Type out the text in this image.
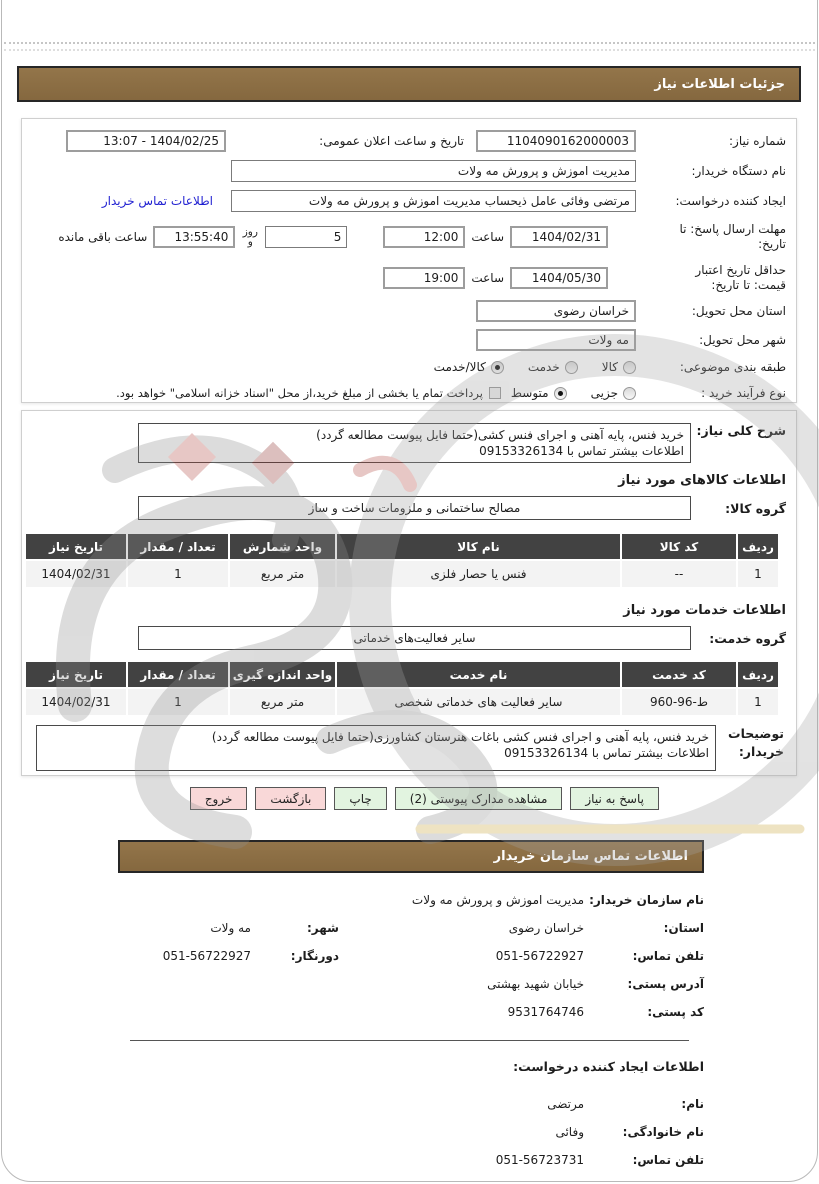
جزئیات اطلاعات نیاز
شماره نیاز:
1104090162000003
تاریخ و ساعت اعلان عمومی:
13:07 - 1404/02/25
نام دستگاه خریدار:
مدیریت اموزش و پرورش مه ولات
ایجاد کننده درخواست:
مرتضی وفائی عامل ذیحساب مدیریت اموزش و پرورش مه ولات
اطلاعات تماس خریدار
مهلت ارسال پاسخ: تا تاریخ:
1404/02/31
ساعت
12:00
5
روز و
13:55:40
ساعت باقی مانده
حداقل تاریخ اعتبار قیمت: تا تاریخ:
1404/05/30
ساعت
19:00
استان محل تحویل:
خراسان رضوی
شهر محل تحویل:
مه ولات
طبقه بندی موضوعی:
کالا
خدمت
کالا/خدمت
نوع فرآیند خرید :
جزیی
متوسط
پرداخت تمام یا بخشی از مبلغ خرید،از محل "اسناد خزانه اسلامی" خواهد بود.
شرح کلی نیاز:
خرید فنس، پایه آهنی و اجرای فنس کشی(حتما فایل پیوست مطالعه گردد)
اطلاعات بیشتر تماس با 09153326134
اطلاعات کالاهای مورد نیاز
گروه کالا:
مصالح ساختمانی و ملزومات ساخت و ساز
ردیف	کد کالا	نام کالا	واحد شمارش	تعداد / مقدار	تاریخ نیاز
1	--	فنس یا حصار فلزی	متر مربع	1	1404/02/31
اطلاعات خدمات مورد نیاز
گروه خدمت:
سایر فعالیت‌های خدماتی
ردیف	کد خدمت	نام خدمت	واحد اندازه گیری	تعداد / مقدار	تاریخ نیاز
1	960-96-ط	سایر فعالیت های خدماتی شخصی	متر مربع	1	1404/02/31
توضیحات خریدار:
خرید فنس، پایه آهنی و اجرای فنس کشی باغات هنرستان کشاورزی(حتما فایل پیوست مطالعه گردد)
اطلاعات بیشتر تماس با 09153326134
پاسخ به نیاز
مشاهده مدارک پیوستی (2)
چاپ
بازگشت
خروج
اطلاعات تماس سازمان خریدار
نام سازمان خریدار:
مدیریت اموزش و پرورش مه ولات
استان:
خراسان رضوی
شهر:
مه ولات
تلفن تماس:
051-56722927
دورنگار:
051-56722927
آدرس پستی:
خیابان شهید بهشتی
کد پستی:
9531764746
اطلاعات ایجاد کننده درخواست:
نام:
مرتضی
نام خانوادگی:
وفائی
تلفن تماس:
051-56723731
